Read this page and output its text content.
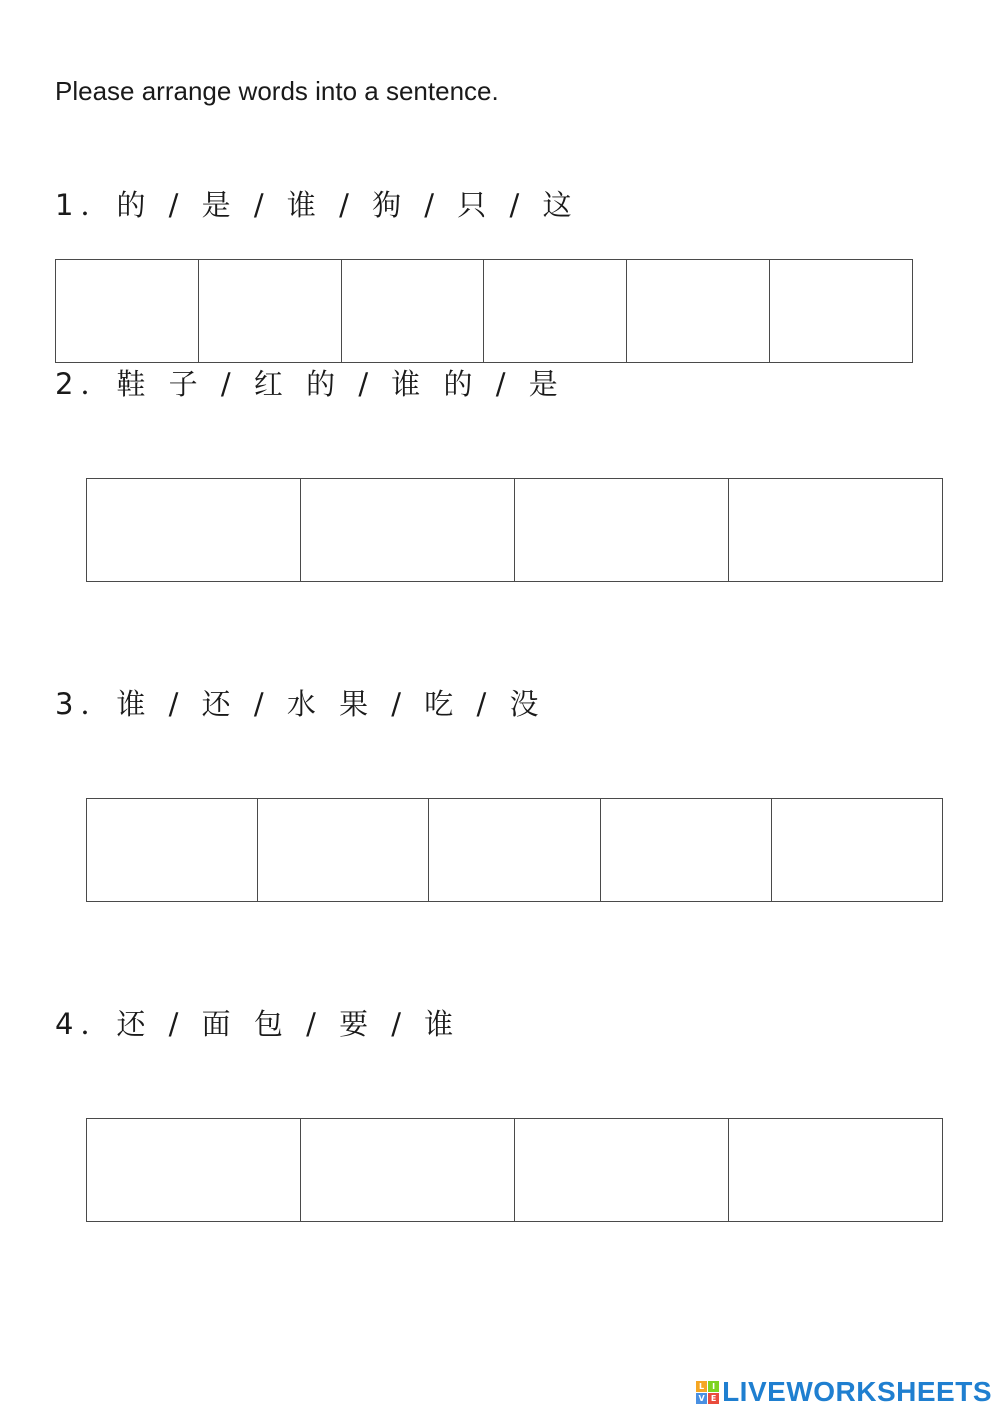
Please arrange words into a sentence.
1．的 / 是 / 谁 / 狗 / 只 / 这
2．鞋 子 / 红 的 / 谁 的 / 是
3．谁 / 还 / 水 果 / 吃 / 没
4．还 / 面 包 / 要 / 谁
L I
V E LIVEWORKSHEETS
